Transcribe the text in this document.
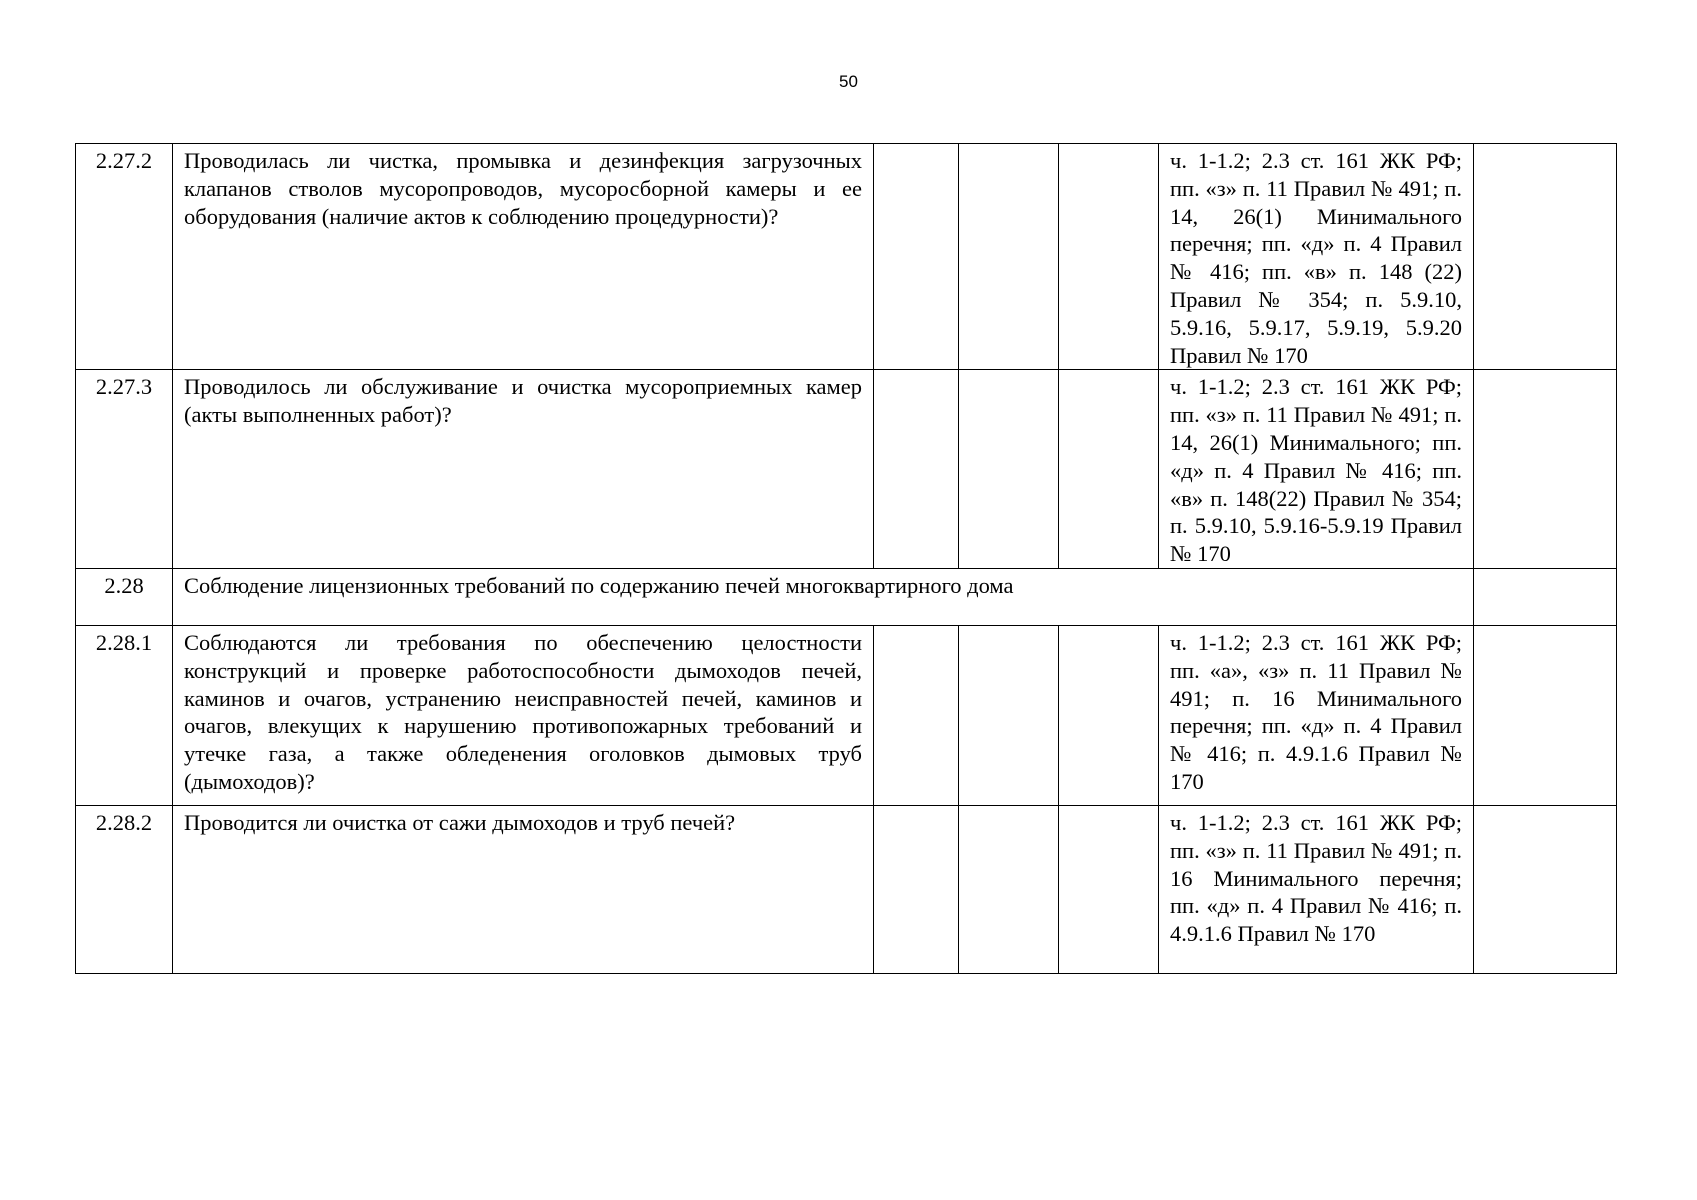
50
2.27.2	Проводилась ли чистка, промывка и дезинфекция загрузочных клапанов стволов мусоропроводов, мусоросборной камеры и ее оборудования (наличие актов к соблюдению процедурности)?				ч. 1-1.2; 2.3 ст. 161 ЖК РФ; пп. «з» п. 11 Правил № 491; п. 14, 26(1) Минимального перечня; пп. «д» п. 4 Правил № 416; пп. «в» п. 148 (22) Правил № 354; п. 5.9.10, 5.9.16, 5.9.17, 5.9.19, 5.9.20 Правил № 170	
2.27.3	Проводилось ли обслуживание и очистка мусороприемных камер (акты выполненных работ)?				ч. 1-1.2; 2.3 ст. 161 ЖК РФ; пп. «з» п. 11 Правил № 491; п. 14, 26(1) Минимального; пп. «д» п. 4 Правил № 416; пп. «в» п. 148(22) Правил № 354; п. 5.9.10, 5.9.16-5.9.19 Правил № 170	
2.28	Соблюдение лицензионных требований по содержанию печей многоквартирного дома					
2.28.1	Соблюдаются ли требования по обеспечению целостности конструкций и проверке работоспособности дымоходов печей, каминов и очагов, устранению неисправностей печей, каминов и очагов, влекущих к нарушению противопожарных требований и утечке газа, а также обледенения оголовков дымовых труб (дымоходов)?				ч. 1-1.2; 2.3 ст. 161 ЖК РФ; пп. «а», «з» п. 11 Правил № 491; п. 16 Минимального перечня; пп. «д» п. 4 Правил № 416; п. 4.9.1.6 Правил № 170	
2.28.2	Проводится ли очистка от сажи дымоходов и труб печей?				ч. 1-1.2; 2.3 ст. 161 ЖК РФ; пп. «з» п. 11 Правил № 491; п. 16 Минимального перечня; пп. «д» п. 4 Правил № 416; п. 4.9.1.6 Правил № 170	
